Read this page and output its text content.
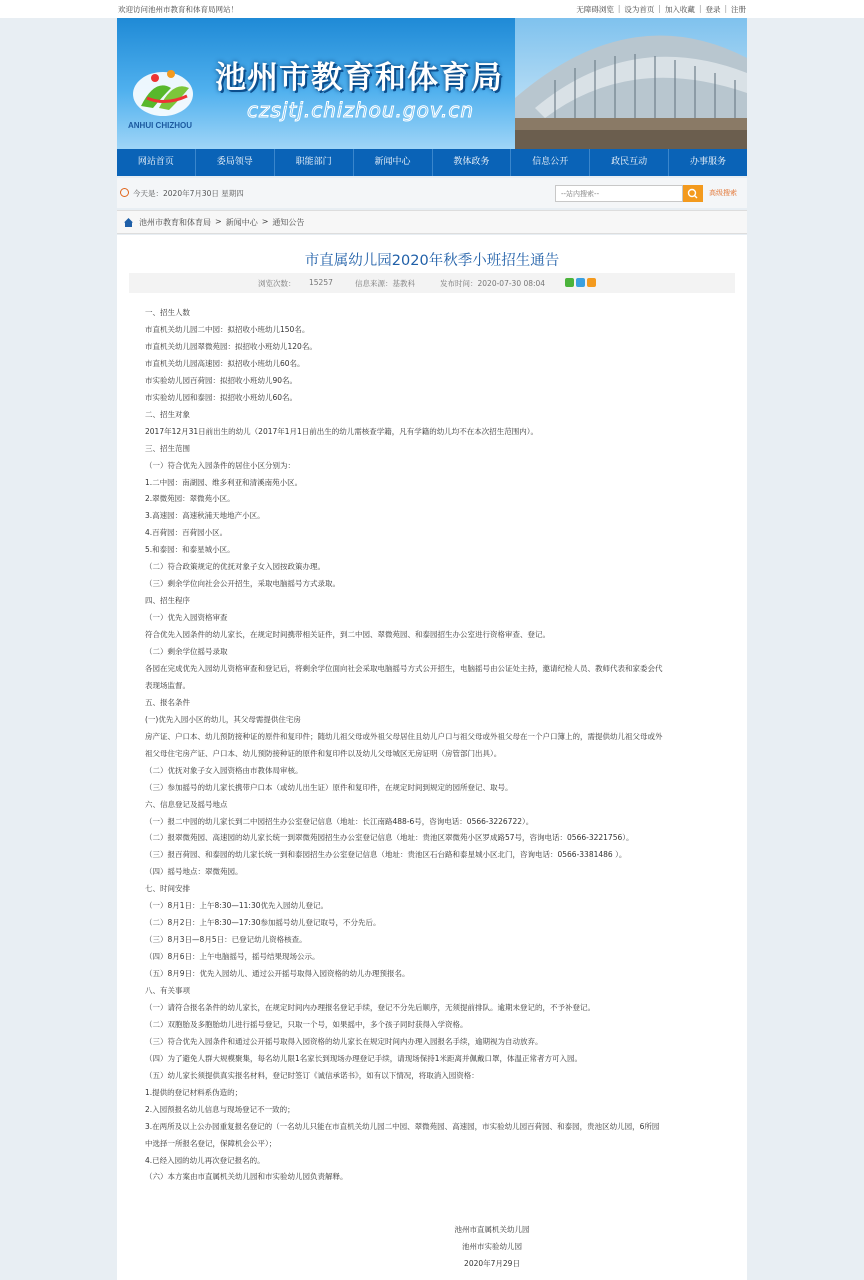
欢迎访问池州市教育和体育局网站！	无障碍浏览 | 设为首页 | 加入收藏 | 登录 | 注册
ANHUI CHIZHOU
池州市教育和体育局
czsjtj.chizhou.gov.cn
网站首页	委局领导	职能部门	新闻中心	教体政务	信息公开	政民互动	办事服务
今天是：2020年7月30日 星期四
--站内搜索--	高级搜索
池州市教育和体育局 > 新闻中心 > 通知公告
市直属幼儿园2020年秋季小班招生通告
浏览次数： 15257	信息来源：基教科	发布时间：2020-07-30 08:04
一、招生人数
市直机关幼儿园二中园：拟招收小班幼儿150名。
市直机关幼儿园翠微苑园：拟招收小班幼儿120名。
市直机关幼儿园高速园：拟招收小班幼儿60名。
市实验幼儿园百荷园：拟招收小班幼儿90名。
市实验幼儿园和泰园：拟招收小班幼儿60名。
二、招生对象
2017年12月31日前出生的幼儿（2017年1月1日前出生的幼儿需核查学籍，凡有学籍的幼儿均不在本次招生范围内）。
三、招生范围
（一）符合优先入园条件的居住小区分别为：
1.二中园：南湖园、维多利亚和清溪南苑小区。
2.翠微苑园：翠微苑小区。
3.高速园：高速秋浦天地地产小区。
4.百荷园：百荷园小区。
5.和泰园：和泰星城小区。
（二）符合政策规定的优抚对象子女入园按政策办理。
（三）剩余学位向社会公开招生，采取电脑摇号方式录取。
四、招生程序
（一）优先入园资格审查
符合优先入园条件的幼儿家长，在规定时间携带相关证件，到二中园、翠微苑园、和泰园招生办公室进行资格审查、登记。
（二）剩余学位摇号录取
各园在完成优先入园幼儿资格审查和登记后，将剩余学位面向社会采取电脑摇号方式公开招生，电脑摇号由公证处主持，邀请纪检人员、教师代表和家委会代
表现场监督。
五、报名条件
(一)优先入园小区的幼儿，其父母需提供住宅房
房产证、户口本、幼儿预防接种证的原件和复印件；随幼儿祖父母或外祖父母居住且幼儿户口与祖父母或外祖父母在一个户口簿上的，需提供幼儿祖父母或外
祖父母住宅房产证、户口本、幼儿预防接种证的原件和复印件以及幼儿父母城区无房证明（房管部门出具）。
（二）优抚对象子女入园资格由市教体局审核。
（三）参加摇号的幼儿家长携带户口本（或幼儿出生证）原件和复印件，在规定时间到规定的园所登记、取号。
六、信息登记及摇号地点
（一）报二中园的幼儿家长到二中园招生办公室登记信息（地址：长江南路488-6号，咨询电话：0566-3226722）。
（二）报翠微苑园、高速园的幼儿家长统一到翠微苑园招生办公室登记信息（地址：贵池区翠微苑小区罗成路57号，咨询电话：0566-3221756）。
（三）报百荷园、和泰园的幼儿家长统一到和泰园招生办公室登记信息（地址：贵池区石台路和泰星城小区北门，咨询电话：0566-3381486 ）。
（四）摇号地点：翠微苑园。
七、时间安排
（一）8月1日：上午8:30—11:30优先入园幼儿登记。
（二）8月2日：上午8:30—17:30参加摇号幼儿登记取号，不分先后。
（三）8月3日—8月5日：已登记幼儿资格核查。
（四）8月6日：上午电脑摇号，摇号结果现场公示。
（五）8月9日：优先入园幼儿、通过公开摇号取得入园资格的幼儿办理预报名。
八、有关事项
（一）请符合报名条件的幼儿家长，在规定时间内办理报名登记手续，登记不分先后顺序，无须提前排队。逾期未登记的，不予补登记。
（二）双胞胎及多胞胎幼儿进行摇号登记，只取一个号，如果摇中，多个孩子同时获得入学资格。
（三）符合优先入园条件和通过公开摇号取得入园资格的幼儿家长在规定时间内办理入园报名手续，逾期视为自动放弃。
（四）为了避免人群大规模聚集，每名幼儿限1名家长到现场办理登记手续，请现场保持1米距离并佩戴口罩，体温正常者方可入园。
（五）幼儿家长须提供真实报名材料，登记时签订《诚信承诺书》，如有以下情况，将取消入园资格：
1.提供的登记材料系伪造的；
2.入园预报名幼儿信息与现场登记不一致的；
3.在两所及以上公办园重复报名登记的（一名幼儿只能在市直机关幼儿园二中园、翠微苑园、高速园，市实验幼儿园百荷园、和泰园，贵池区幼儿园，6所园
中选择一所报名登记，保障机会公平）；
4.已经入园的幼儿再次登记报名的。
（六）本方案由市直属机关幼儿园和市实验幼儿园负责解释。
池州市直属机关幼儿园
池州市实验幼儿园
2020年7月29日
